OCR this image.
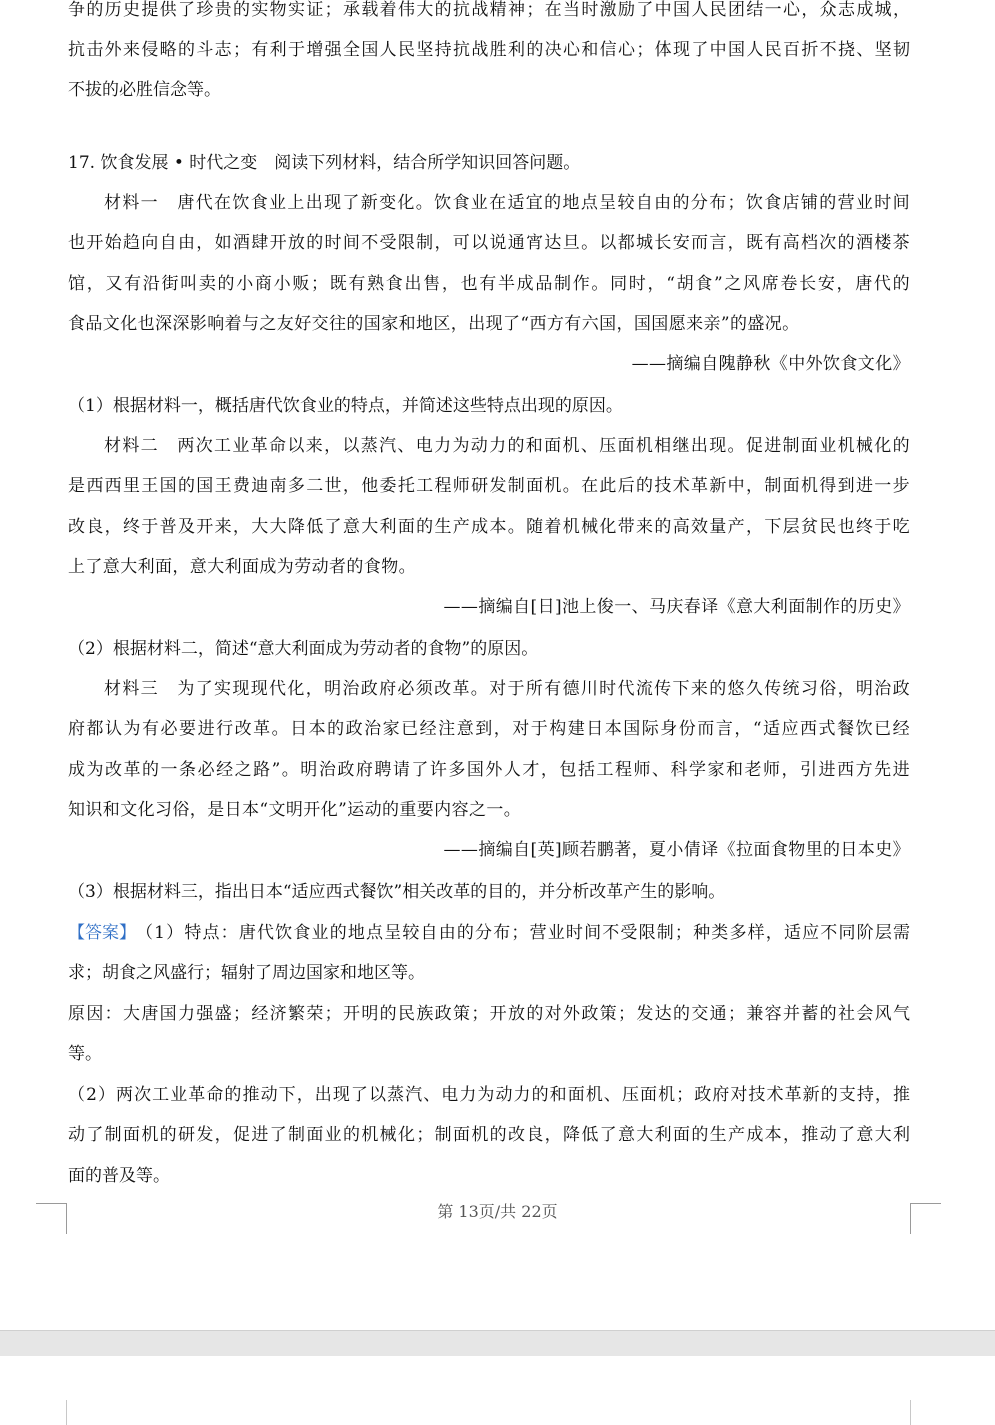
争的历史提供了珍贵的实物实证；承载着伟大的抗战精神；在当时激励了中国人民团结一心，众志成城，
抗击外来侵略的斗志；有利于增强全国人民坚持抗战胜利的决心和信心；体现了中国人民百折不挠、坚韧
不拔的必胜信念等。
17. 饮食发展 • 时代之变　阅读下列材料，结合所学知识回答问题。
材料一　唐代在饮食业上出现了新变化。饮食业在适宜的地点呈较自由的分布；饮食店铺的营业时间
也开始趋向自由，如酒肆开放的时间不受限制，可以说通宵达旦。以都城长安而言，既有高档次的酒楼茶
馆，又有沿街叫卖的小商小贩；既有熟食出售，也有半成品制作。同时，“胡食”之风席卷长安，唐代的
食品文化也深深影响着与之友好交往的国家和地区，出现了“西方有六国，国国愿来亲”的盛况。
——摘编自隗静秋《中外饮食文化》
（1）根据材料一，概括唐代饮食业的特点，并简述这些特点出现的原因。
材料二　两次工业革命以来，以蒸汽、电力为动力的和面机、压面机相继出现。促进制面业机械化的
是西西里王国的国王费迪南多二世，他委托工程师研发制面机。在此后的技术革新中，制面机得到进一步
改良，终于普及开来，大大降低了意大利面的生产成本。随着机械化带来的高效量产，下层贫民也终于吃
上了意大利面，意大利面成为劳动者的食物。
——摘编自[日]池上俊一、马庆春译《意大利面制作的历史》
（2）根据材料二，简述“意大利面成为劳动者的食物”的原因。
材料三　为了实现现代化，明治政府必须改革。对于所有德川时代流传下来的悠久传统习俗，明治政
府都认为有必要进行改革。日本的政治家已经注意到，对于构建日本国际身份而言，“适应西式餐饮已经
成为改革的一条必经之路”。明治政府聘请了许多国外人才，包括工程师、科学家和老师，引进西方先进
知识和文化习俗，是日本“文明开化”运动的重要内容之一。
——摘编自[英]顾若鹏著，夏小倩译《拉面食物里的日本史》
（3）根据材料三，指出日本“适应西式餐饮”相关改革的目的，并分析改革产生的影响。
【答案】 （1）特点：唐代饮食业的地点呈较自由的分布；营业时间不受限制；种类多样，适应不同阶层需
求；胡食之风盛行；辐射了周边国家和地区等。
原因：大唐国力强盛；经济繁荣；开明的民族政策；开放的对外政策；发达的交通；兼容并蓄的社会风气
等。
（2）两次工业革命的推动下，出现了以蒸汽、电力为动力的和面机、压面机；政府对技术革新的支持，推
动了制面机的研发，促进了制面业的机械化；制面机的改良，降低了意大利面的生产成本，推动了意大利
面的普及等。
第 13页/共 22页
